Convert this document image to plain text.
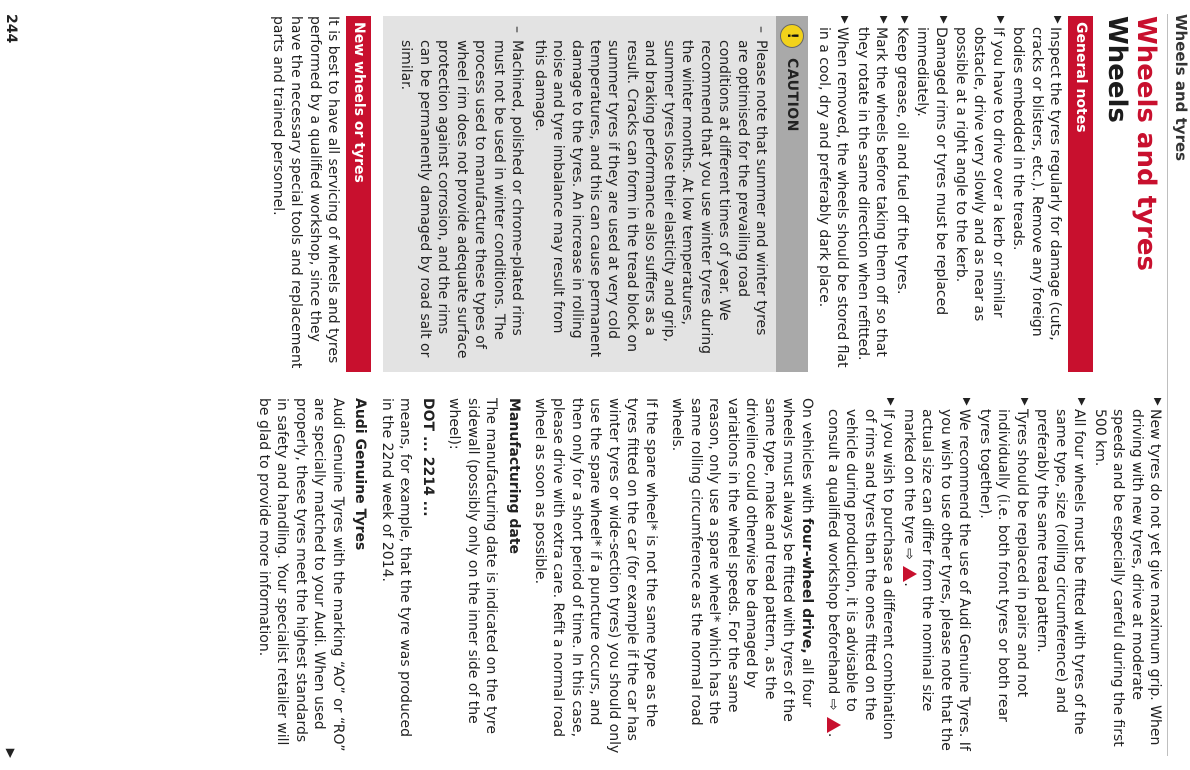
Wheels and tyres
Wheels and tyres
Wheels
General notes
▶
Inspect the tyres regularly for damage (cuts, cracks or blisters, etc.). Remove any foreign bodies embedded in the treads.
▶
If you have to drive over a kerb or similar obstacle, drive very slowly and as near as possible at a right angle to the kerb.
▶
Damaged rims or tyres must be replaced immediately.
▶
Keep grease, oil and fuel off the tyres.
▶
Mark the wheels before taking them off so that they rotate in the same direction when refitted.
▶
When removed, the wheels should be stored flat in a cool, dry and preferably dark place.
!
CAUTION
–
Please note that summer and winter tyres are optimised for the prevailing road conditions at different times of year. We recommend that you use winter tyres during the winter months. At low temperatures, summer tyres lose their elasticity and grip, and braking performance also suffers as a result. Cracks can form in the tread block on summer tyres if they are used at very cold temperatures, and this can cause permanent damage to the tyres. An increase in rolling noise and tyre imbalance may result from this damage.
–
Machined, polished or chrome-plated rims must not be used in winter conditions. The process used to manufacture these types of wheel rim does not provide adequate surface protection against corrosion, and the rims can be permanently damaged by road salt or similar.
New wheels or tyres

It is best to have all servicing of wheels and tyres performed by a qualified workshop, since they have the necessary special tools and replacement parts and trained personnel.

▶
New tyres do not yet give maximum grip. When driving with new tyres, drive at moderate speeds and be especially careful during the first 500 km.
▶
All four wheels must be fitted with tyres of the same type, size (rolling circumference) and preferably the same tread pattern.
▶
Tyres should be replaced in pairs and not individually (i.e. both front tyres or both rear tyres together).
▶
We recommend the use of Audi Genuine Tyres. If you wish to use other tyres, please note that the actual size can differ from the nominal size marked on the tyre ⇨ .
▶
If you wish to purchase a different combination of rims and tyres than the ones fitted on the vehicle during production, it is advisable to consult a qualified workshop beforehand ⇨ .

On vehicles with four-wheel drive, all four wheels must always be fitted with tyres of the same type, make and tread pattern, as the driveline could otherwise be damaged by variations in the wheel speeds. For the same reason, only use a spare wheel* which has the same rolling circumference as the normal road wheels.

If the spare wheel* is not the same type as the tyres fitted on the car (for example if the car has winter tyres or wide-section tyres) you should only use the spare wheel* if a puncture occurs, and then only for a short period of time. In this case, please drive with extra care. Refit a normal road wheel as soon as possible.

Manufacturing date

The manufacturing date is indicated on the tyre sidewall (possibly only on the inner side of the wheel):

DOT ... 2214 ...

means, for example, that the tyre was produced in the 22nd week of 2014.

Audi Genuine Tyres

Audi Genuine Tyres with the marking “AO” or “RO” are specially matched to your Audi. When used properly, these tyres meet the highest standards in safety and handling. Your specialist retailer will be glad to provide more information.

244
▶
